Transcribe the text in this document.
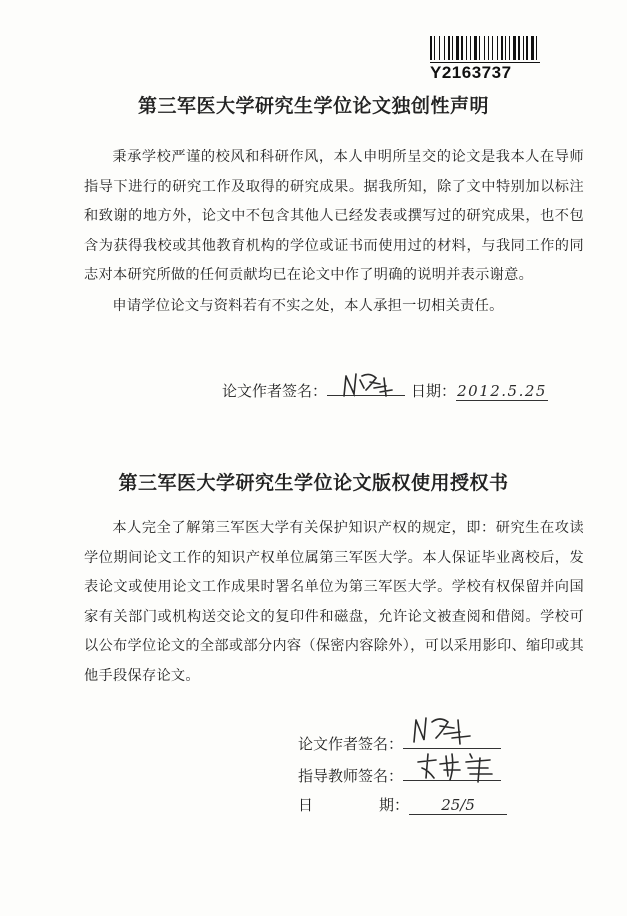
Y2163737
第三军医大学研究生学位论文独创性声明

秉承学校严谨的校风和科研作风，本人申明所呈交的论文是我本人在导师指导下进行的研究工作及取得的研究成果。据我所知，除了文中特别加以标注和致谢的地方外，论文中不包含其他人已经发表或撰写过的研究成果，也不包含为获得我校或其他教育机构的学位或证书而使用过的材料，与我同工作的同志对本研究所做的任何贡献均已在论文中作了明确的说明并表示谢意。

申请学位论文与资料若有不实之处，本人承担一切相关责任。

论文作者签名：	日期：2012.5.25
第三军医大学研究生学位论文版权使用授权书

本人完全了解第三军医大学有关保护知识产权的规定，即：研究生在攻读学位期间论文工作的知识产权单位属第三军医大学。本人保证毕业离校后，发表论文或使用论文工作成果时署名单位为第三军医大学。学校有权保留并向国家有关部门或机构送交论文的复印件和磁盘，允许论文被查阅和借阅。学校可以公布学位论文的全部或部分内容（保密内容除外），可以采用影印、缩印或其他手段保存论文。

论文作者签名：
指导教师签名：
日	期： 25/5
